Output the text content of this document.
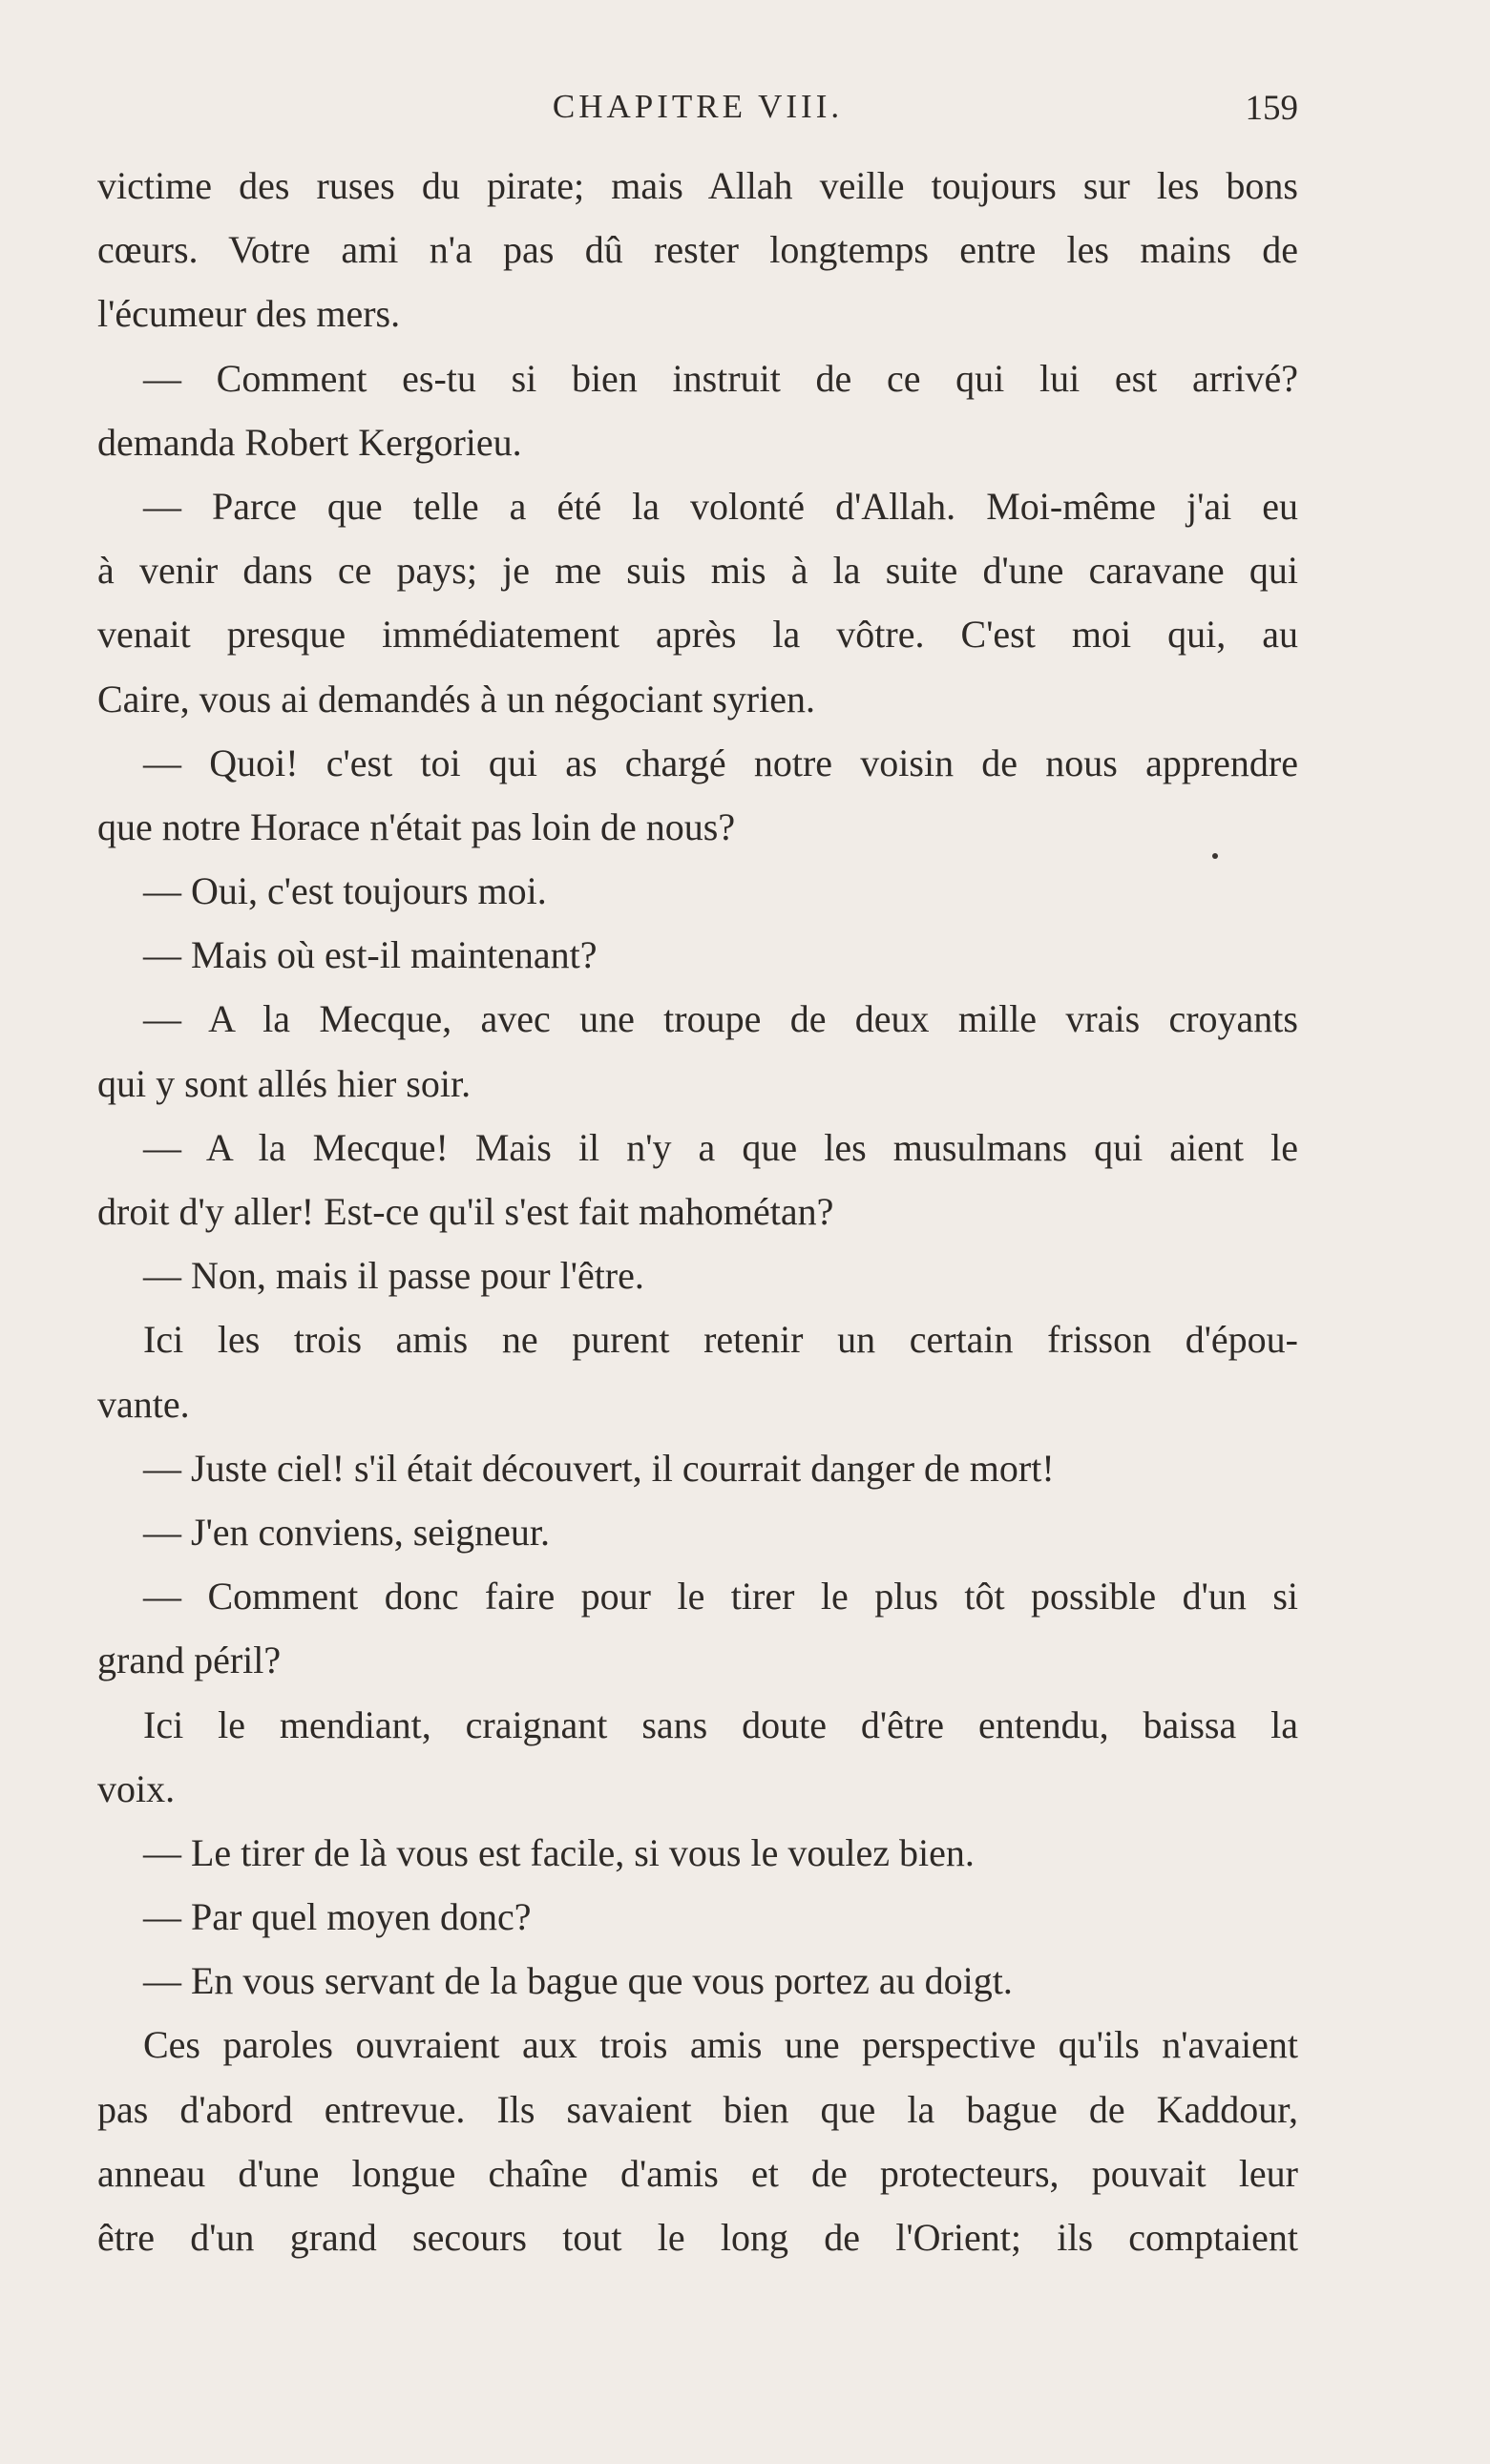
CHAPITRE VIII.	159
victime des ruses du pirate; mais Allah veille toujours sur les bons
cœurs. Votre ami n'a pas dû rester longtemps entre les mains de
l'écumeur des mers.
— Comment es-tu si bien instruit de ce qui lui est arrivé?
demanda Robert Kergorieu.
— Parce que telle a été la volonté d'Allah. Moi-même j'ai eu
à venir dans ce pays; je me suis mis à la suite d'une caravane qui
venait presque immédiatement après la vôtre. C'est moi qui, au
Caire, vous ai demandés à un négociant syrien.
— Quoi! c'est toi qui as chargé notre voisin de nous apprendre
que notre Horace n'était pas loin de nous?
— Oui, c'est toujours moi.
— Mais où est-il maintenant?
— A la Mecque, avec une troupe de deux mille vrais croyants
qui y sont allés hier soir.
— A la Mecque! Mais il n'y a que les musulmans qui aient le
droit d'y aller! Est-ce qu'il s'est fait mahométan?
— Non, mais il passe pour l'être.
Ici les trois amis ne purent retenir un certain frisson d'épou-
vante.
— Juste ciel! s'il était découvert, il courrait danger de mort!
— J'en conviens, seigneur.
— Comment donc faire pour le tirer le plus tôt possible d'un si
grand péril?
Ici le mendiant, craignant sans doute d'être entendu, baissa la
voix.
— Le tirer de là vous est facile, si vous le voulez bien.
— Par quel moyen donc?
— En vous servant de la bague que vous portez au doigt.
Ces paroles ouvraient aux trois amis une perspective qu'ils n'avaient
pas d'abord entrevue. Ils savaient bien que la bague de Kaddour,
anneau d'une longue chaîne d'amis et de protecteurs, pouvait leur
être d'un grand secours tout le long de l'Orient; ils comptaient
